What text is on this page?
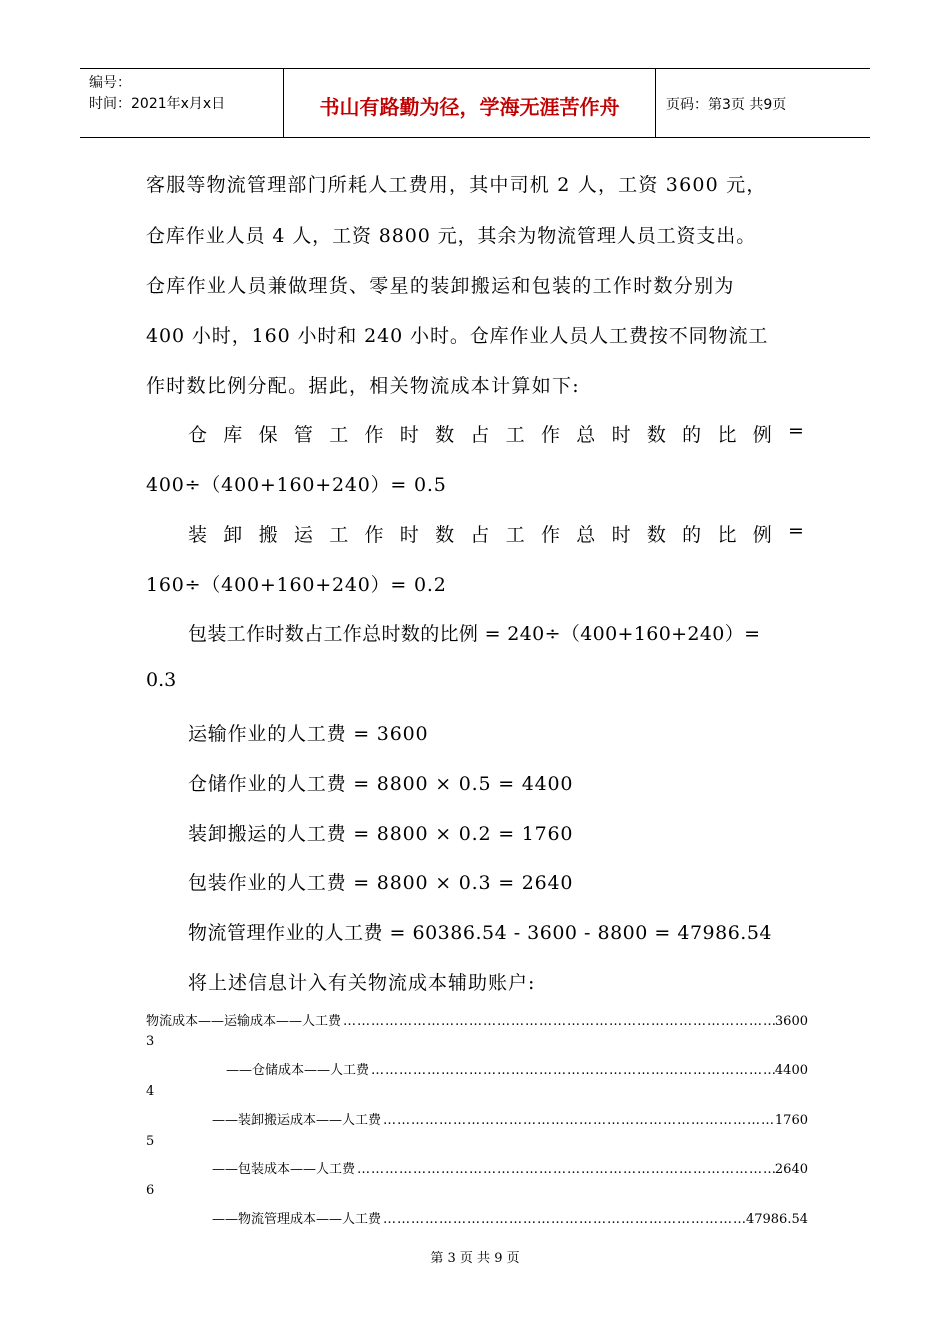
编号：
时间：2021年x月x日	书山有路勤为径，学海无涯苦作舟	页码：第3页 共9页
客服等物流管理部门所耗人工费用，其中司机 2 人，工资 3600 元，
仓库作业人员 4 人，工资 8800 元，其余为物流管理人员工资支出。
仓库作业人员兼做理货、零星的装卸搬运和包装的工作时数分别为
400 小时，160 小时和 240 小时。仓库作业人员人工费按不同物流工
作时数比例分配。据此，相关物流成本计算如下:
仓 库 保 管 工 作 时 数 占 工 作 总 时 数 的 比 例 =
400÷（400+160+240）= 0.5
装 卸 搬 运 工 作 时 数 占 工 作 总 时 数 的 比 例 =
160÷（400+160+240）= 0.2
包装工作时数占工作总时数的比例 = 240÷（400+160+240）=
0.3
运输作业的人工费 = 3600
仓储作业的人工费 = 8800 × 0.5 = 4400
装卸搬运的人工费 = 8800 × 0.2 = 1760
包装作业的人工费 = 8800 × 0.3 = 2640
物流管理作业的人工费 = 60386.54 - 3600 - 8800 = 47986.54
将上述信息计入有关物流成本辅助账户:
物流成本——运输成本——人工费 ………………………………………………………………………………………………………………………………………………	3600
3
——仓储成本——人工费 ………………………………………………………………………………………………………………………………………………	4400
4
——装卸搬运成本——人工费 ………………………………………………………………………………………………………………………………………………	1760
5
——包装成本——人工费 ………………………………………………………………………………………………………………………………………………	2640
6
——物流管理成本——人工费 ………………………………………………………………………………………………………………………………………………	47986.54
第 3 页 共 9 页
